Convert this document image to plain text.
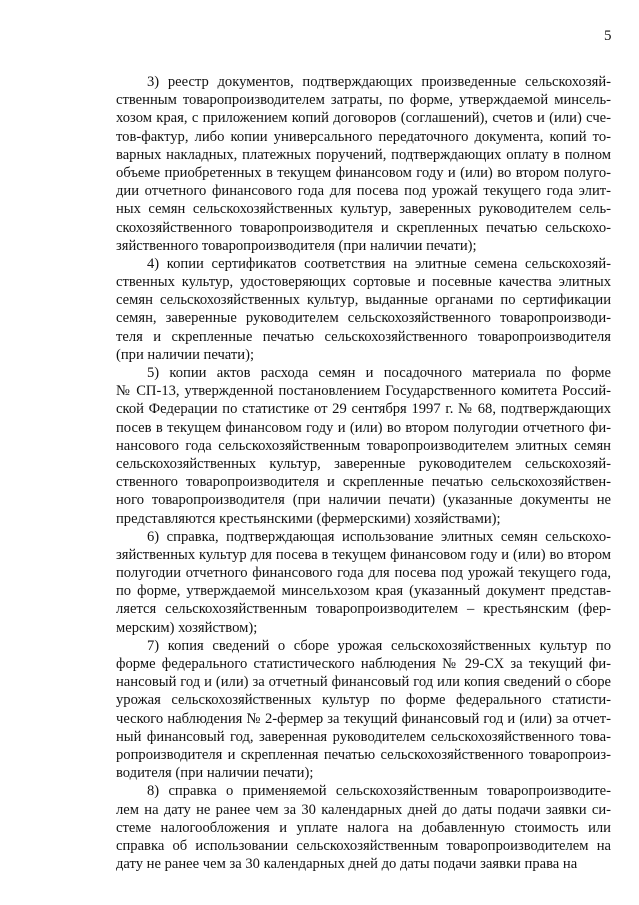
5
3) реестр документов, подтверждающих произведенные сельскохозяй-
ственным товаропроизводителем затраты, по форме, утверждаемой минсель-
хозом края, с приложением копий договоров (соглашений), счетов и (или) сче-
тов-фактур, либо копии универсального передаточного документа, копий то-
варных накладных, платежных поручений, подтверждающих оплату в полном
объеме приобретенных в текущем финансовом году и (или) во втором полуго-
дии отчетного финансового года для посева под урожай текущего года элит-
ных семян сельскохозяйственных культур, заверенных руководителем сель-
скохозяйственного товаропроизводителя и скрепленных печатью сельскохо-
зяйственного товаропроизводителя (при наличии печати);
4) копии сертификатов соответствия на элитные семена сельскохозяй-
ственных культур, удостоверяющих сортовые и посевные качества элитных
семян сельскохозяйственных культур, выданные органами по сертификации
семян, заверенные руководителем сельскохозяйственного товаропроизводи-
теля и скрепленные печатью сельскохозяйственного товаропроизводителя
(при наличии печати);
5) копии актов расхода семян и посадочного материала по форме
№ СП-13, утвержденной постановлением Государственного комитета Россий-
ской Федерации по статистике от 29 сентября 1997 г. № 68, подтверждающих
посев в текущем финансовом году и (или) во втором полугодии отчетного фи-
нансового года сельскохозяйственным товаропроизводителем элитных семян
сельскохозяйственных культур, заверенные руководителем сельскохозяй-
ственного товаропроизводителя и скрепленные печатью сельскохозяйствен-
ного товаропроизводителя (при наличии печати) (указанные документы не
представляются крестьянскими (фермерскими) хозяйствами);
6) справка, подтверждающая использование элитных семян сельскохо-
зяйственных культур для посева в текущем финансовом году и (или) во втором
полугодии отчетного финансового года для посева под урожай текущего года,
по форме, утверждаемой минсельхозом края (указанный документ представ-
ляется сельскохозяйственным товаропроизводителем – крестьянским (фер-
мерским) хозяйством);
7) копия сведений о сборе урожая сельскохозяйственных культур по
форме федерального статистического наблюдения № 29-СХ за текущий фи-
нансовый год и (или) за отчетный финансовый год или копия сведений о сборе
урожая сельскохозяйственных культур по форме федерального статисти-
ческого наблюдения № 2-фермер за текущий финансовый год и (или) за отчет-
ный финансовый год, заверенная руководителем сельскохозяйственного това-
ропроизводителя и скрепленная печатью сельскохозяйственного товаропроиз-
водителя (при наличии печати);
8) справка о применяемой сельскохозяйственным товаропроизводите-
лем на дату не ранее чем за 30 календарных дней до даты подачи заявки си-
стеме налогообложения и уплате налога на добавленную стоимость или
справка об использовании сельскохозяйственным товаропроизводителем на
дату не ранее чем за 30 календарных дней до даты подачи заявки права на
